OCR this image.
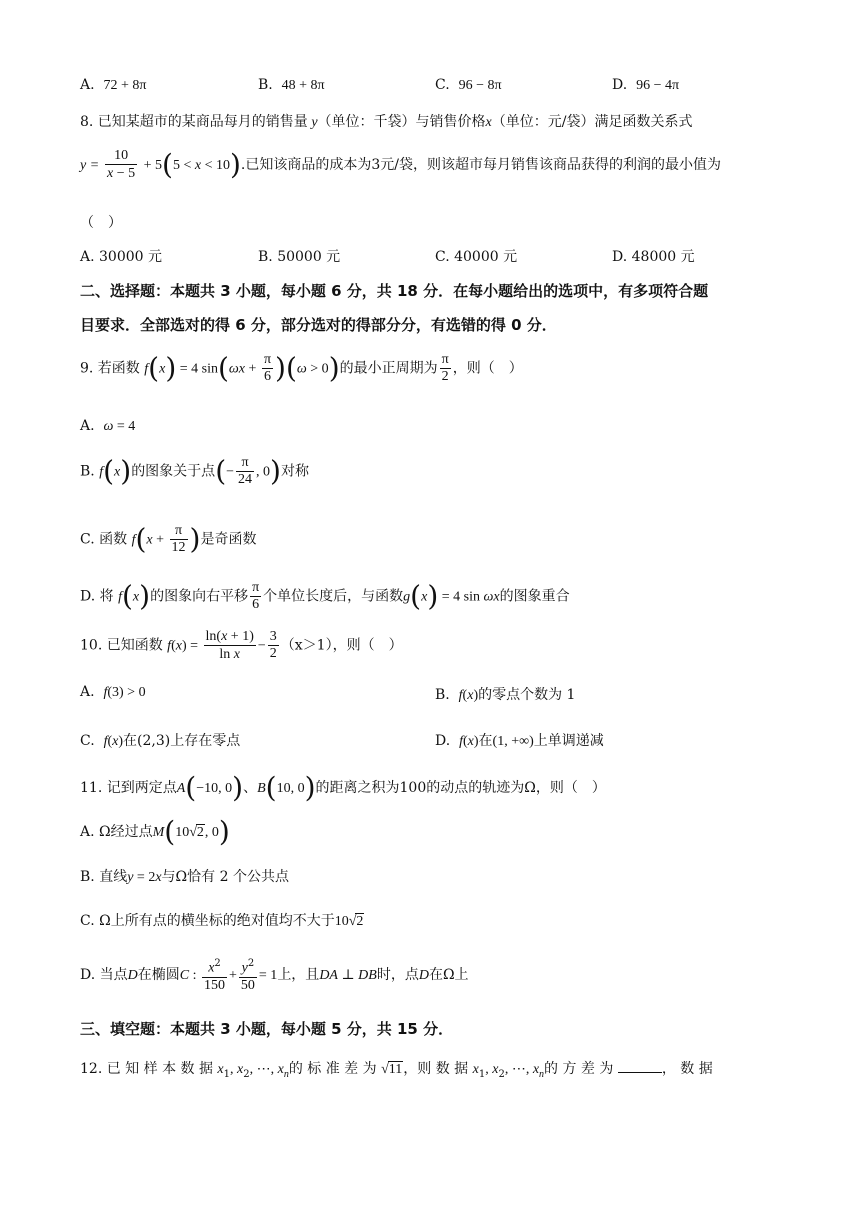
A. 72 + 8π	B. 48 + 8π	C. 96 − 8π	D. 96 − 4π
8. 已知某超市的某商品每月的销售量 y（单位：千袋）与销售价格x（单位：元/袋）满足函数关系式
$y = \frac{10}{x - 5} + 5(5 < x < 10)$.已知该商品的成本为3元/袋，则该超市每月销售该商品获得的利润的最小值为
（　）
A. 30000 元	B. 50000 元	C. 40000 元	D. 48000 元
二、选择题：本题共 3 小题，每小题 6 分，共 18 分．在每小题给出的选项中，有多项符合题
目要求．全部选对的得 6 分，部分选对的得部分分，有选错的得 0 分．
9. 若函数 f(x) = 4 $\sin(\omega x + \frac{\pi}{6} )(\omega > 0)$的最小正周期为 $\frac{\pi}{2}$ ，则（　）
A. ω = 4
B. f(x)的图象关于点(− $\frac{\pi}{24}$ , 0)对称
C. 函数 $f(x + \frac{\pi}{12}$ )是奇函数
D. 将 f(x)的图象向右平移 $\frac{\pi}{6}$ 个单位长度后，与函数g(x) = 4 sin ωx的图象重合
10. 已知函数 $f(x) = \frac{\ln(x + 1)}{\text{ln x}} - \frac{3}{2} (x>1)$，则（　）
A. f(3) > 0	B. f(x)的零点个数为 1
C. f(x)在(2,3)上存在零点	D. f(x)在(1, +∞)上单调递减
11. 记到两定点A(−10, 0)、B(10, 0)的距离之积为100的动点的轨迹为Ω，则（　）
A. Ω经过点M(10√2, 0)
B. 直线y = 2x与Ω恰有 2 个公共点
C. Ω上所有点的横坐标的绝对值均不大于10√2
D. 当点D在椭圆C : $\frac{x^2}{150} + \frac{y^2}{50} = 1$上，且DA ⊥ DB时，点D在Ω上
三、填空题：本题共 3 小题，每小题 5 分，共 15 分．
12. 已 知 样 本 数 据 $x_1$, $x_2$, ⋯, $x_n$的 标 准 差 为 √11，则 数 据 $x_1$, $x_2$, ⋯, $x_n$的 方 差 为	， 数 据
